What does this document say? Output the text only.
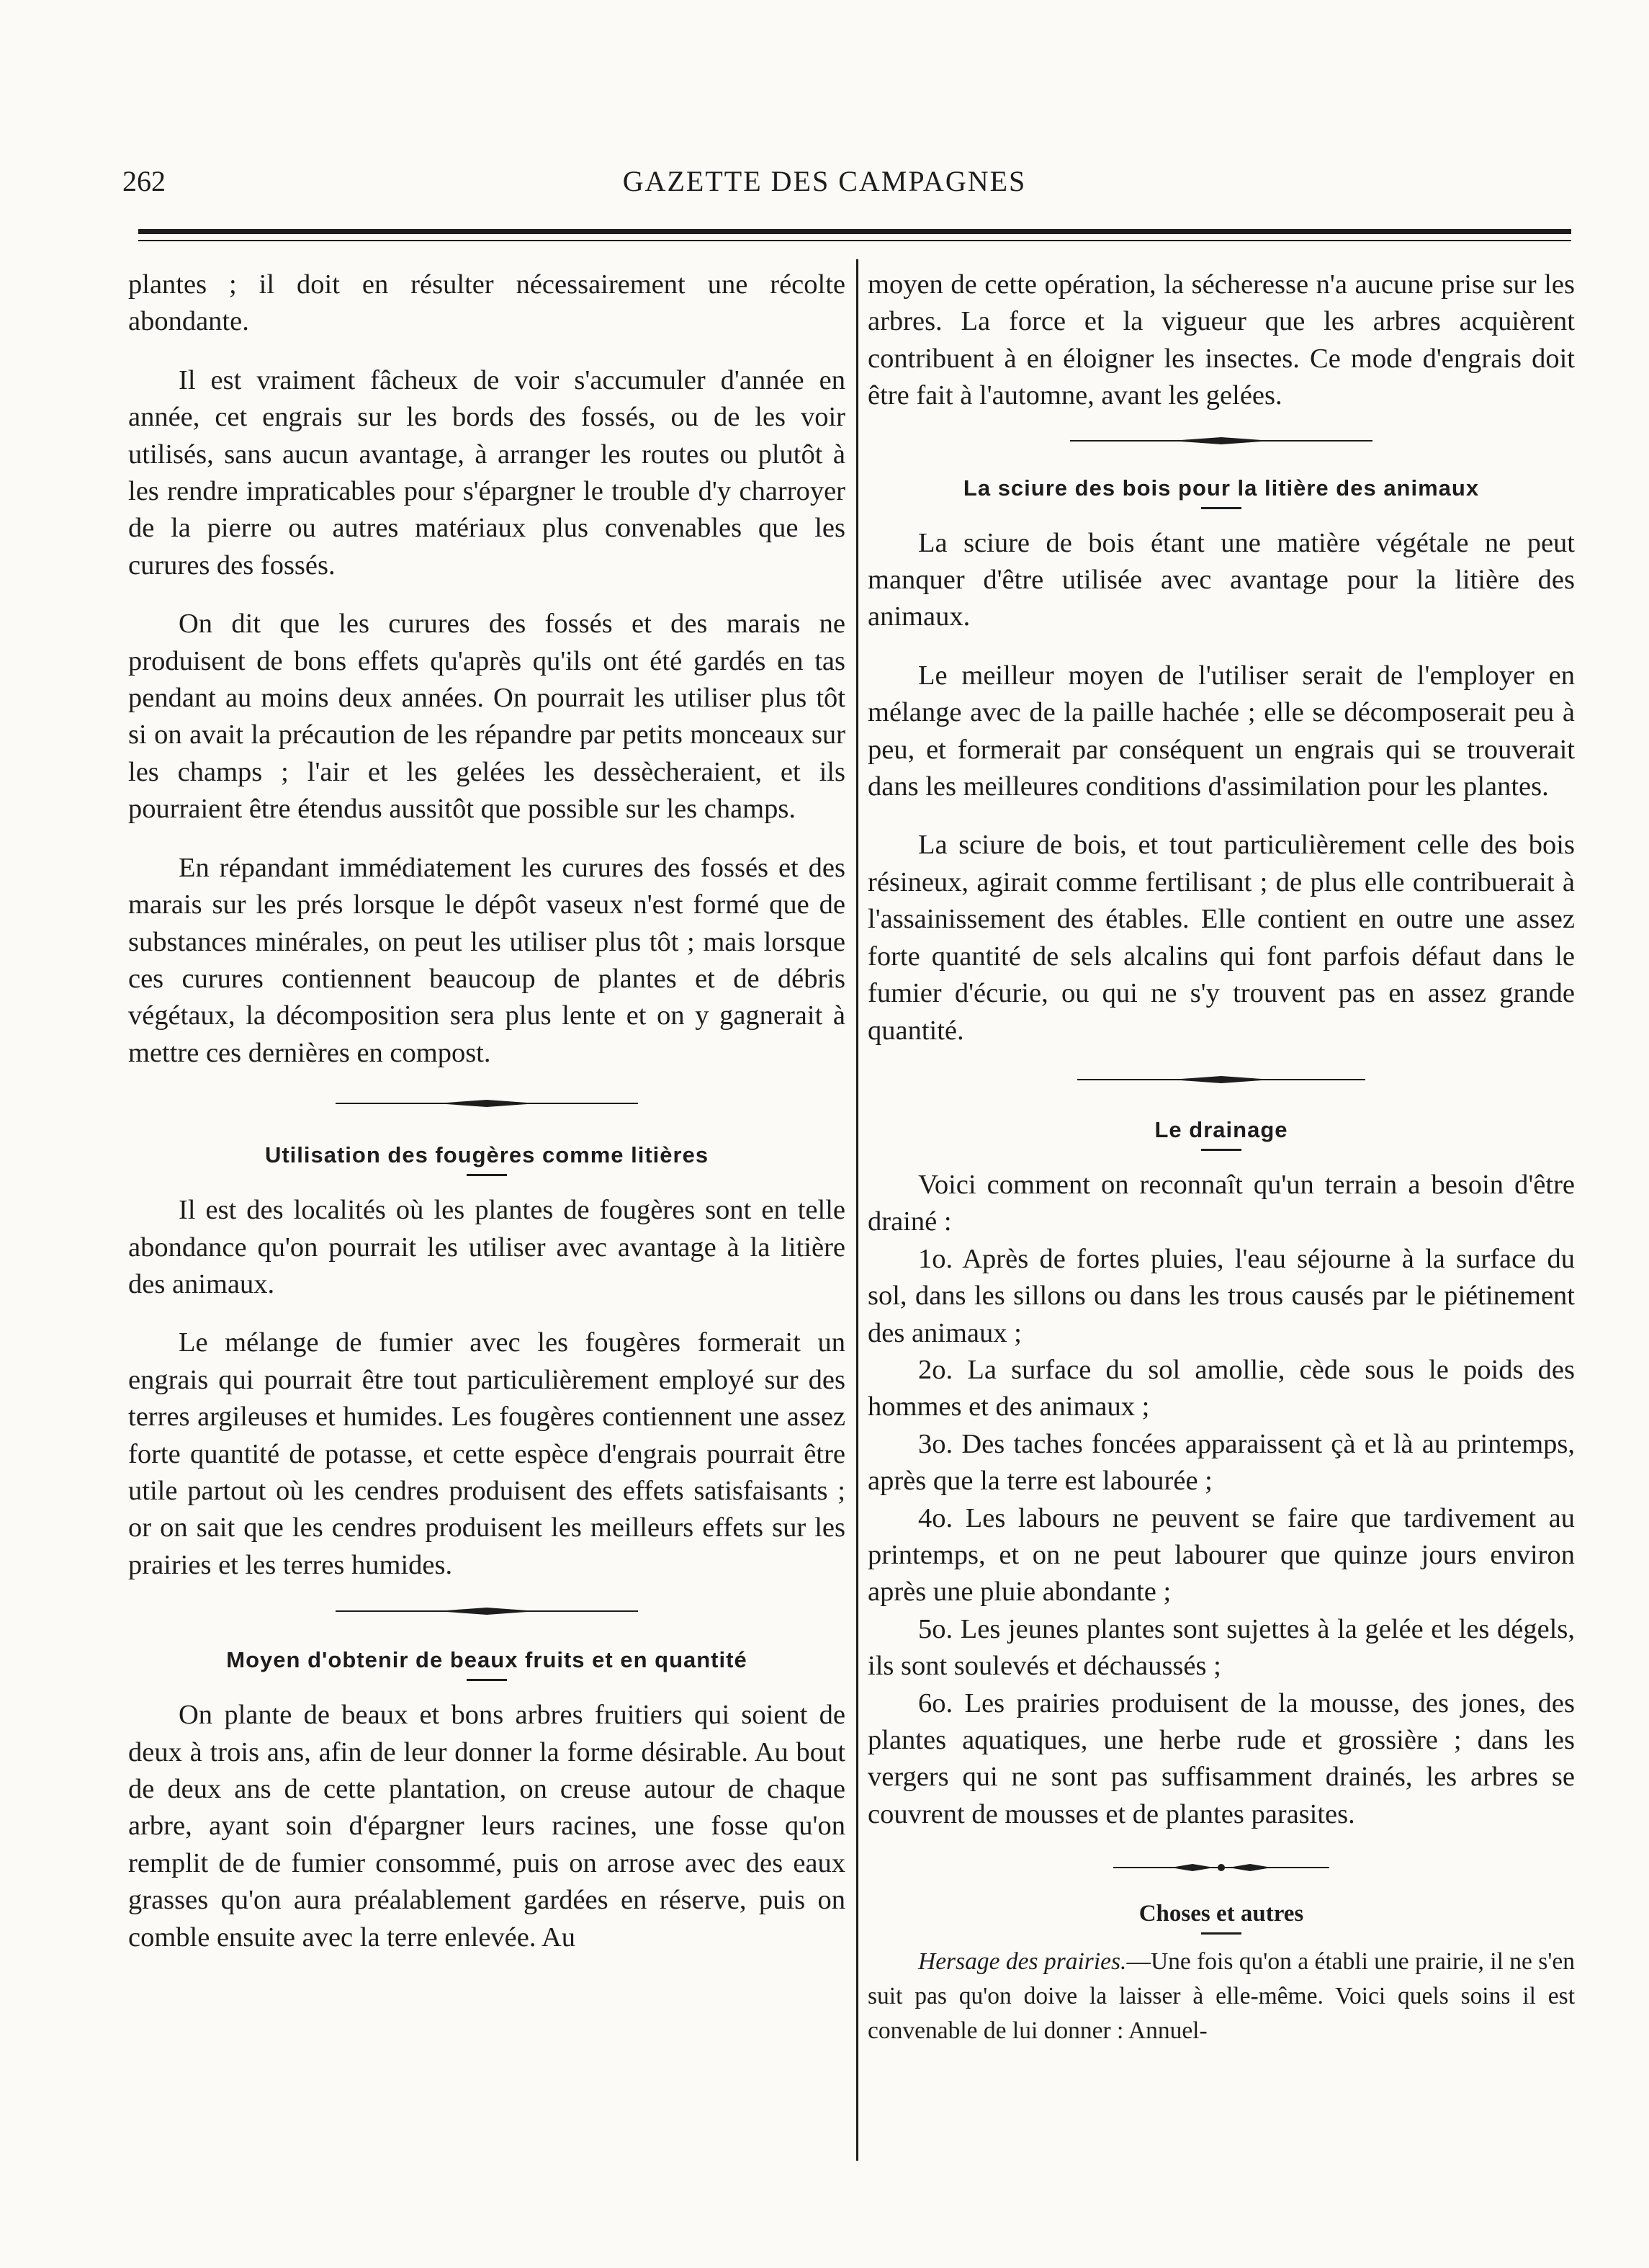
262	GAZETTE DES CAMPAGNES

plantes ; il doit en résulter nécessairement une récolte abondante.

Il est vraiment fâcheux de voir s'accumuler d'année en année, cet engrais sur les bords des fossés, ou de les voir utilisés, sans aucun avantage, à arranger les routes ou plutôt à les rendre impraticables pour s'épargner le trouble d'y charroyer de la pierre ou autres matériaux plus convenables que les curures des fossés.

On dit que les curures des fossés et des marais ne produisent de bons effets qu'après qu'ils ont été gardés en tas pendant au moins deux années. On pourrait les utiliser plus tôt si on avait la précaution de les répandre par petits monceaux sur les champs ; l'air et les gelées les dessècheraient, et ils pourraient être étendus aussitôt que possible sur les champs.

En répandant immédiatement les curures des fossés et des marais sur les prés lorsque le dépôt vaseux n'est formé que de substances minérales, on peut les utiliser plus tôt ; mais lorsque ces curures contiennent beaucoup de plantes et de débris végétaux, la décomposition sera plus lente et on y gagnerait à mettre ces dernières en compost.

Utilisation des fougères comme litières

Il est des localités où les plantes de fougères sont en telle abondance qu'on pourrait les utiliser avec avantage à la litière des animaux.

Le mélange de fumier avec les fougères formerait un engrais qui pourrait être tout particulièrement employé sur des terres argileuses et humides. Les fougères contiennent une assez forte quantité de potasse, et cette espèce d'engrais pourrait être utile partout où les cendres produisent des effets satisfaisants ; or on sait que les cendres produisent les meilleurs effets sur les prairies et les terres humides.

Moyen d'obtenir de beaux fruits et en quantité

On plante de beaux et bons arbres fruitiers qui soient de deux à trois ans, afin de leur donner la forme désirable. Au bout de deux ans de cette plantation, on creuse autour de chaque arbre, ayant soin d'épargner leurs racines, une fosse qu'on remplit de de fumier consommé, puis on arrose avec des eaux grasses qu'on aura préalablement gardées en réserve, puis on comble ensuite avec la terre enlevée. Au

moyen de cette opération, la sécheresse n'a aucune prise sur les arbres. La force et la vigueur que les arbres acquièrent contribuent à en éloigner les insectes. Ce mode d'engrais doit être fait à l'automne, avant les gelées.

La sciure des bois pour la litière des animaux

La sciure de bois étant une matière végétale ne peut manquer d'être utilisée avec avantage pour la litière des animaux.

Le meilleur moyen de l'utiliser serait de l'employer en mélange avec de la paille hachée ; elle se décomposerait peu à peu, et formerait par conséquent un engrais qui se trouverait dans les meilleures conditions d'assimilation pour les plantes.

La sciure de bois, et tout particulièrement celle des bois résineux, agirait comme fertilisant ; de plus elle contribuerait à l'assainissement des étables. Elle contient en outre une assez forte quantité de sels alcalins qui font parfois défaut dans le fumier d'écurie, ou qui ne s'y trouvent pas en assez grande quantité.

Le drainage

Voici comment on reconnaît qu'un terrain a besoin d'être drainé :

1o. Après de fortes pluies, l'eau séjourne à la surface du sol, dans les sillons ou dans les trous causés par le piétinement des animaux ;

2o. La surface du sol amollie, cède sous le poids des hommes et des animaux ;

3o. Des taches foncées apparaissent çà et là au printemps, après que la terre est labourée ;

4o. Les labours ne peuvent se faire que tardivement au printemps, et on ne peut labourer que quinze jours environ après une pluie abondante ;

5o. Les jeunes plantes sont sujettes à la gelée et les dégels, ils sont soulevés et déchaussés ;

6o. Les prairies produisent de la mousse, des jones, des plantes aquatiques, une herbe rude et grossière ; dans les vergers qui ne sont pas suffisamment drainés, les arbres se couvrent de mousses et de plantes parasites.

Choses et autres

Hersage des prairies.—Une fois qu'on a établi une prairie, il ne s'en suit pas qu'on doive la laisser à elle-même. Voici quels soins il est convenable de lui donner : Annuel-
